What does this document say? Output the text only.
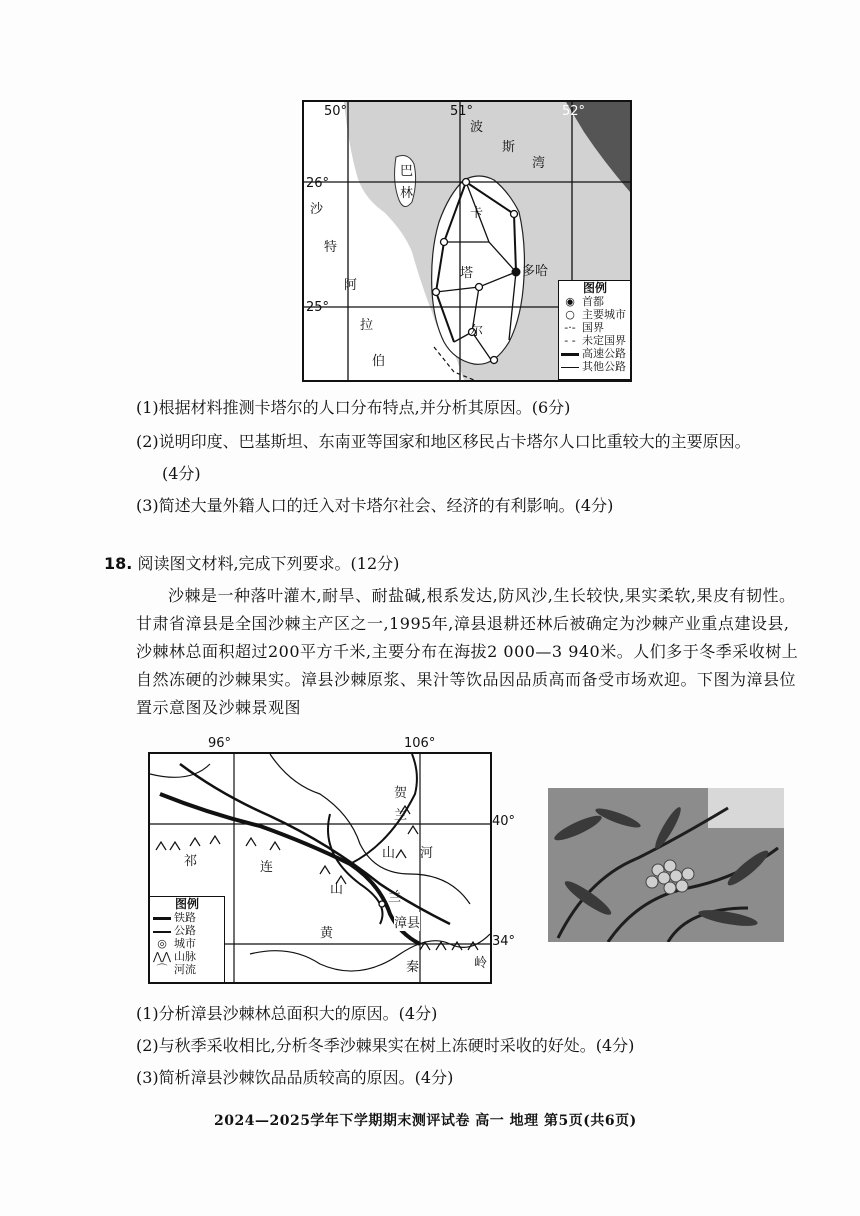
50°	51°	52°
26°
25°
波
斯
湾
巴
林
沙
特
阿
拉
伯
卡
塔
尔
多哈
图例
◉ 首都
○ 主要城市
-·- 国界
- - 未定国界
高速公路
其他公路
(1)根据材料推测卡塔尔的人口分布特点,并分析其原因。(6分)
(2)说明印度、巴基斯坦、东南亚等国家和地区移民占卡塔尔人口比重较大的主要原因。
(4分)
(3)简述大量外籍人口的迁入对卡塔尔社会、经济的有利影响。(4分)
18. 阅读图文材料,完成下列要求。(12分)
沙棘是一种落叶灌木,耐旱、耐盐碱,根系发达,防风沙,生长较快,果实柔软,果皮有韧性。甘肃省漳县是全国沙棘主产区之一,1995年,漳县退耕还林后被确定为沙棘产业重点建设县,沙棘林总面积超过200平方千米,主要分布在海拔2 000—3 940米。人们多于冬季采收树上自然冻硬的沙棘果实。漳县沙棘原浆、果汁等饮品因品质高而备受市场欢迎。下图为漳县位置示意图及沙棘景观图
贺
兰
山 河
祁	连
山
黄
兰
漳县
秦	岭
图例
铁路
公路
◎ 城市
⋀⋀ 山脉
⌒ 河流
96°	106°
40°
34°
(1)分析漳县沙棘林总面积大的原因。(4分)
(2)与秋季采收相比,分析冬季沙棘果实在树上冻硬时采收的好处。(4分)
(3)简析漳县沙棘饮品品质较高的原因。(4分)
2024—2025学年下学期期末测评试卷 高一 地理 第5页(共6页)
